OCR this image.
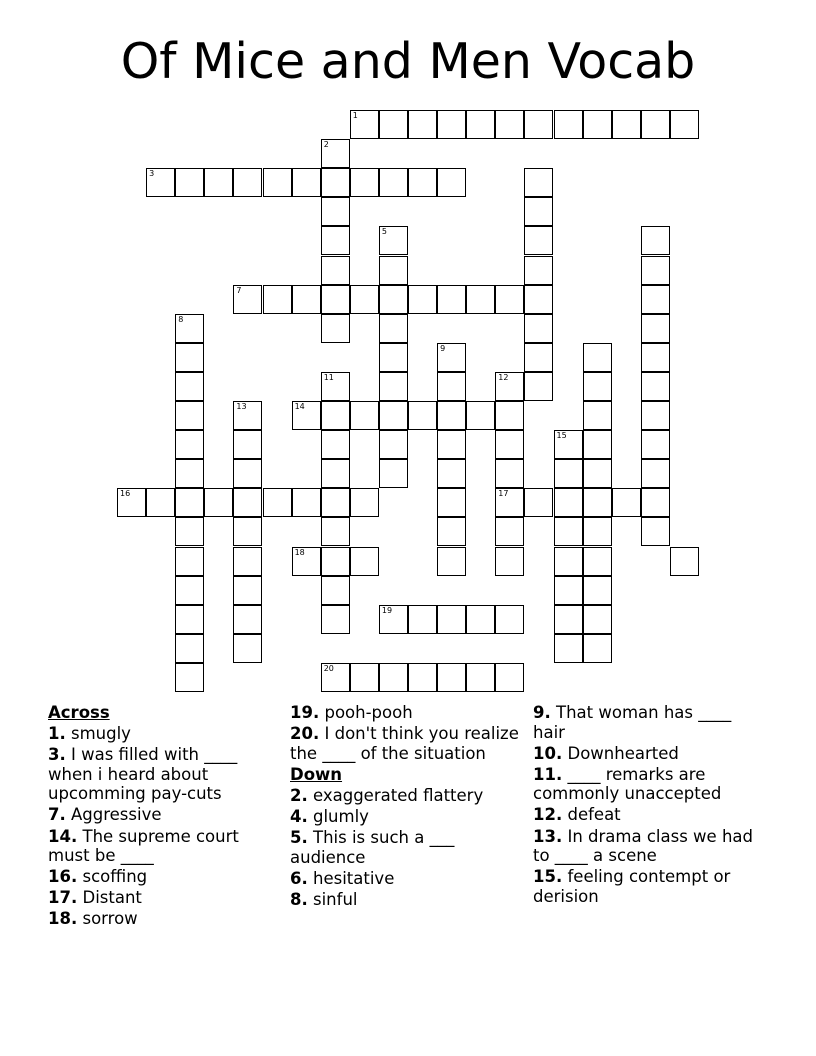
Of Mice and Men Vocab
1
2
3
5
7
8
9
11	12
13	14
15
16	17
18
19
20
Across
1. smugly
3. I was filled with ____ when i heard about upcomming pay-cuts
7. Aggressive
14. The supreme court must be ____
16. scoffing
17. Distant
18. sorrow
19. pooh-pooh
20. I don't think you realize the ____ of the situation
Down
2. exaggerated flattery
4. glumly
5. This is such a ___ audience
6. hesitative
8. sinful
9. That woman has ____ hair
10. Downhearted
11. ____ remarks are commonly unaccepted
12. defeat
13. In drama class we had to ____ a scene
15. feeling contempt or derision
